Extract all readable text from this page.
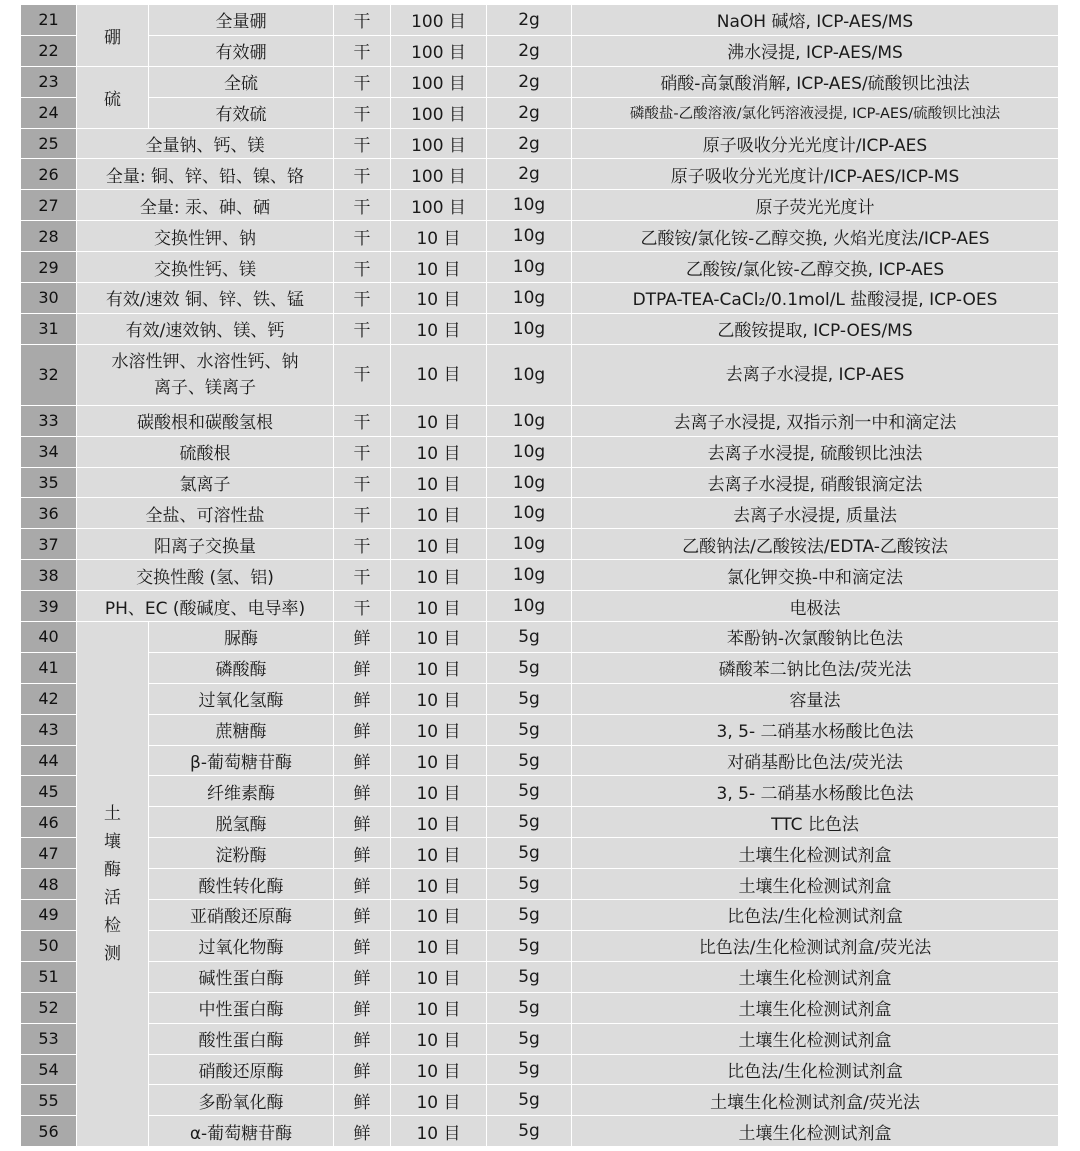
21	硼	全量硼	干	100 目	2g	NaOH 碱熔, ICP-AES/MS
22		有效硼	干	100 目	2g	沸水浸提, ICP-AES/MS
23	硫	全硫	干	100 目	2g	硝酸-高氯酸消解, ICP-AES/硫酸钡比浊法
24		有效硫	干	100 目	2g	磷酸盐-乙酸溶液/氯化钙溶液浸提, ICP-AES/硫酸钡比浊法
25	全量钠、钙、镁		干	100 目	2g	原子吸收分光光度计/ICP-AES
26	全量: 铜、锌、铅、镍、铬		干	100 目	2g	原子吸收分光光度计/ICP-AES/ICP-MS
27	全量: 汞、砷、硒		干	100 目	10g	原子荧光光度计
28	交换性钾、钠		干	10 目	10g	乙酸铵/氯化铵-乙醇交换, 火焰光度法/ICP-AES
29	交换性钙、镁		干	10 目	10g	乙酸铵/氯化铵-乙醇交换, ICP-AES
30	有效/速效 铜、锌、铁、锰		干	10 目	10g	DTPA-TEA-CaCl₂/0.1mol/L 盐酸浸提, ICP-OES
31	有效/速效钠、镁、钙		干	10 目	10g	乙酸铵提取, ICP-OES/MS
32	水溶性钾、水溶性钙、钠离子、镁离子		干	10 目	10g	去离子水浸提, ICP-AES
33	碳酸根和碳酸氢根		干	10 目	10g	去离子水浸提, 双指示剂一中和滴定法
34	硫酸根		干	10 目	10g	去离子水浸提, 硫酸钡比浊法
35	氯离子		干	10 目	10g	去离子水浸提, 硝酸银滴定法
36	全盐、可溶性盐		干	10 目	10g	去离子水浸提, 质量法
37	阳离子交换量		干	10 目	10g	乙酸钠法/乙酸铵法/EDTA-乙酸铵法
38	交换性酸 (氢、铝)		干	10 目	10g	氯化钾交换-中和滴定法
39	PH、EC (酸碱度、电导率)		干	10 目	10g	电极法
40	土壤酶活检测	脲酶	鲜	10 目	5g	苯酚钠-次氯酸钠比色法
41		磷酸酶	鲜	10 目	5g	磷酸苯二钠比色法/荧光法
42		过氧化氢酶	鲜	10 目	5g	容量法
43		蔗糖酶	鲜	10 目	5g	3, 5- 二硝基水杨酸比色法
44		β-葡萄糖苷酶	鲜	10 目	5g	对硝基酚比色法/荧光法
45		纤维素酶	鲜	10 目	5g	3, 5- 二硝基水杨酸比色法
46		脱氢酶	鲜	10 目	5g	TTC 比色法
47		淀粉酶	鲜	10 目	5g	土壤生化检测试剂盒
48		酸性转化酶	鲜	10 目	5g	土壤生化检测试剂盒
49		亚硝酸还原酶	鲜	10 目	5g	比色法/生化检测试剂盒
50		过氧化物酶	鲜	10 目	5g	比色法/生化检测试剂盒/荧光法
51		碱性蛋白酶	鲜	10 目	5g	土壤生化检测试剂盒
52		中性蛋白酶	鲜	10 目	5g	土壤生化检测试剂盒
53		酸性蛋白酶	鲜	10 目	5g	土壤生化检测试剂盒
54		硝酸还原酶	鲜	10 目	5g	比色法/生化检测试剂盒
55		多酚氧化酶	鲜	10 目	5g	土壤生化检测试剂盒/荧光法
56		α-葡萄糖苷酶	鲜	10 目	5g	土壤生化检测试剂盒
